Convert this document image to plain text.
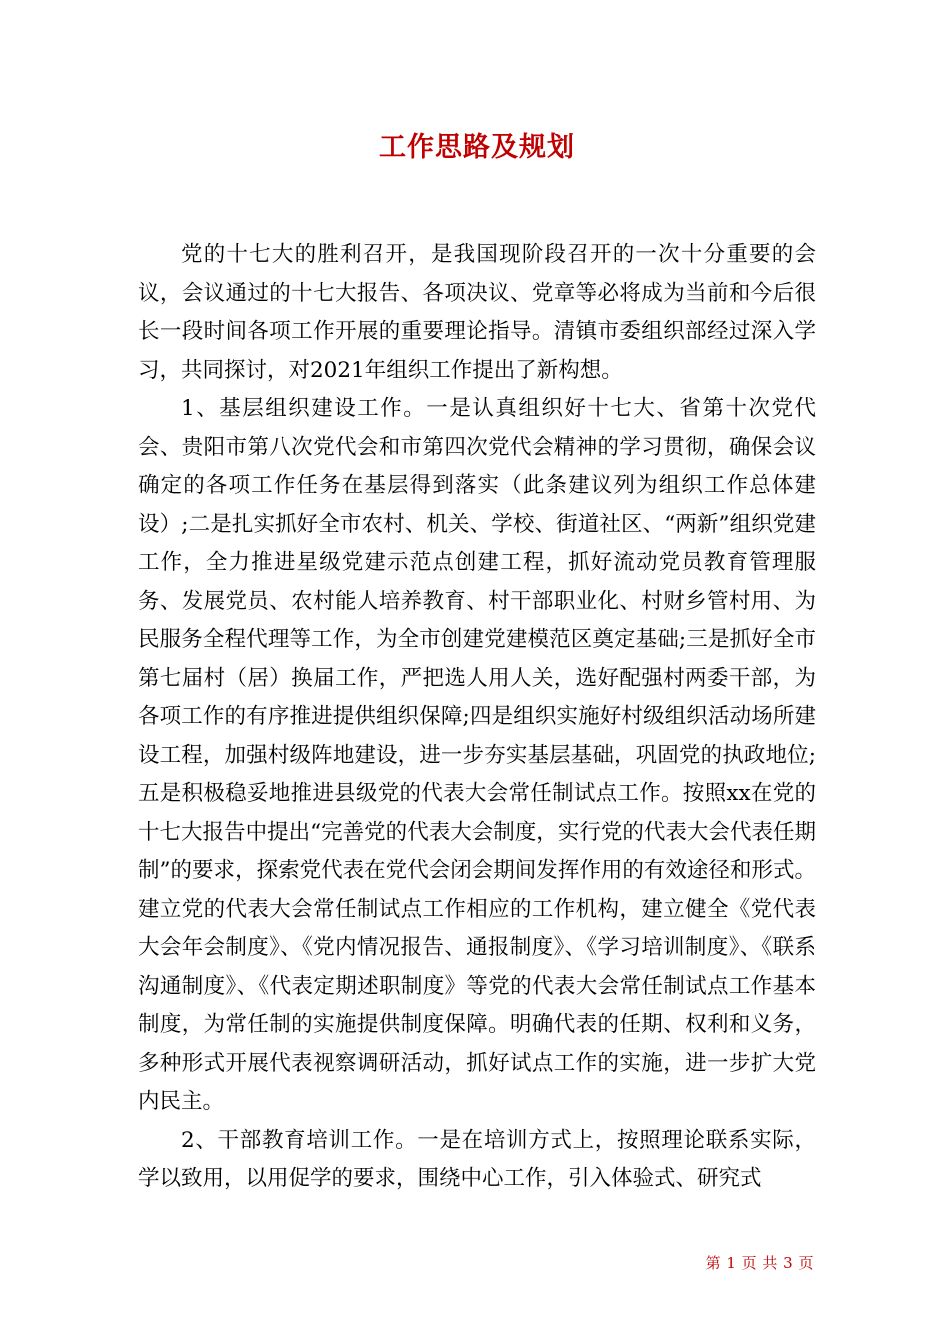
工作思路及规划

党的十七大的胜利召开，是我国现阶段召开的一次十分重要的会议，会议通过的十七大报告、各项决议、党章等必将成为当前和今后很长一段时间各项工作开展的重要理论指导。清镇市委组织部经过深入学习，共同探讨，对2021年组织工作提出了新构想。

1、基层组织建设工作。一是认真组织好十七大、省第十次党代会、贵阳市第八次党代会和市第四次党代会精神的学习贯彻，确保会议确定的各项工作任务在基层得到落实（此条建议列为组织工作总体建设）;二是扎实抓好全市农村、机关、学校、街道社区、“两新”组织党建工作，全力推进星级党建示范点创建工程，抓好流动党员教育管理服务、发展党员、农村能人培养教育、村干部职业化、村财乡管村用、为民服务全程代理等工作，为全市创建党建模范区奠定基础;三是抓好全市第七届村（居）换届工作，严把选人用人关，选好配强村两委干部，为各项工作的有序推进提供组织保障;四是组织实施好村级组织活动场所建设工程，加强村级阵地建设，进一步夯实基层基础，巩固党的执政地位;五是积极稳妥地推进县级党的代表大会常任制试点工作。按照xx在党的十七大报告中提出“完善党的代表大会制度，实行党的代表大会代表任期制”的要求，探索党代表在党代会闭会期间发挥作用的有效途径和形式。建立党的代表大会常任制试点工作相应的工作机构，建立健全《党代表大会年会制度》、《党内情况报告、通报制度》、《学习培训制度》、《联系沟通制度》、《代表定期述职制度》等党的代表大会常任制试点工作基本制度，为常任制的实施提供制度保障。明确代表的任期、权利和义务，多种形式开展代表视察调研活动，抓好试点工作的实施，进一步扩大党内民主。

2、干部教育培训工作。一是在培训方式上，按照理论联系实际，学以致用，以用促学的要求，围绕中心工作，引入体验式、研究式

第 1 页 共 3 页
